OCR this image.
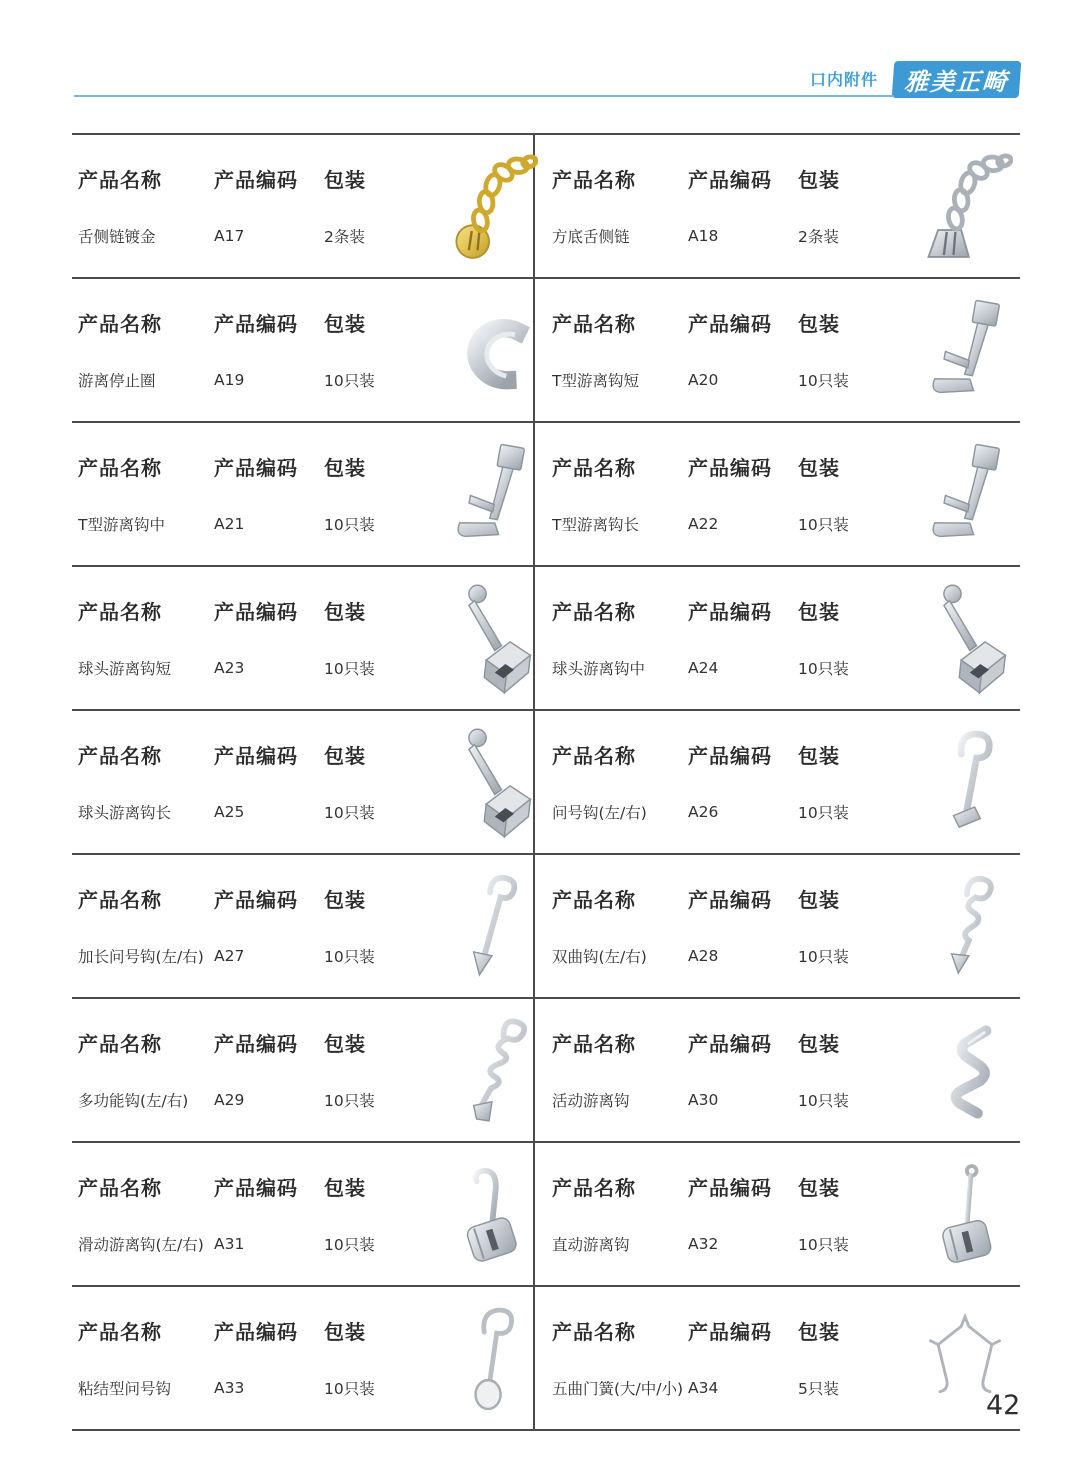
口内附件	雅美正畸
产品名称	产品编码	包装
舌侧链镀金	A17	2条装
产品名称	产品编码	包装
方底舌侧链	A18	2条装
产品名称	产品编码	包装
游离停止圈	A19	10只装
产品名称	产品编码	包装
T型游离钩短	A20	10只装
产品名称	产品编码	包装
T型游离钩中	A21	10只装
产品名称	产品编码	包装
T型游离钩长	A22	10只装
产品名称	产品编码	包装
球头游离钩短	A23	10只装
产品名称	产品编码	包装
球头游离钩中	A24	10只装
产品名称	产品编码	包装
球头游离钩长	A25	10只装
产品名称	产品编码	包装
问号钩(左/右)	A26	10只装
产品名称	产品编码	包装
加长问号钩(左/右) A27	10只装
产品名称	产品编码	包装
双曲钩(左/右)	A28	10只装
产品名称	产品编码	包装
多功能钩(左/右)	A29	10只装
产品名称	产品编码	包装
活动游离钩	A30	10只装
产品名称	产品编码	包装
滑动游离钩(左/右) A31	10只装
产品名称	产品编码	包装
直动游离钩	A32	10只装
产品名称	产品编码	包装
粘结型问号钩	A33	10只装
产品名称	产品编码	包装
五曲门簧(大/中/小) A34	5只装
42
